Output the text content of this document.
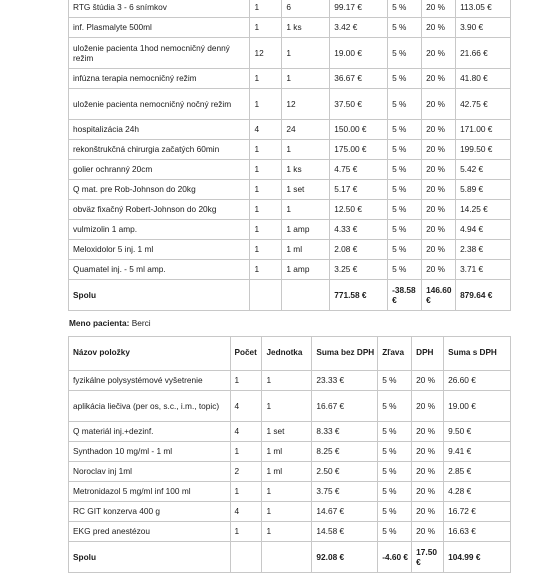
RTG štúdia 3 - 6 snímkov	1	6	99.17 €	5 %	20 %	113.05 €
inf. Plasmalyte 500ml	1	1 ks	3.42 €	5 %	20 %	3.90 €
uloženie pacienta 1hod nemocničný denný režim	12	1	19.00 €	5 %	20 %	21.66 €
infúzna terapia nemocničný režim	1	1	36.67 €	5 %	20 %	41.80 €
uloženie pacienta nemocničný nočný režim	1	12	37.50 €	5 %	20 %	42.75 €
hospitalizácia 24h	4	24	150.00 €	5 %	20 %	171.00 €
rekonštrukčná chirurgia začatých 60min	1	1	175.00 €	5 %	20 %	199.50 €
golier ochranný 20cm	1	1 ks	4.75 €	5 %	20 %	5.42 €
Q mat. pre Rob-Johnson do 20kg	1	1 set	5.17 €	5 %	20 %	5.89 €
obväz fixačný Robert-Johnson do 20kg	1	1	12.50 €	5 %	20 %	14.25 €
vulmizolin 1 amp.	1	1 amp	4.33 €	5 %	20 %	4.94 €
Meloxidolor 5 inj. 1 ml	1	1 ml	2.08 €	5 %	20 %	2.38 €
Quamatel inj. - 5 ml amp.	1	1 amp	3.25 €	5 %	20 %	3.71 €
Spolu			771.58 €	-38.58 €	146.60 €	879.64 €
Meno pacienta: Berci
Názov položky	Počet	Jednotka	Suma bez DPH	Zľava	DPH	Suma s DPH
fyzikálne polysystémové vyšetrenie	1	1	23.33 €	5 %	20 %	26.60 €
aplikácia liečiva (per os, s.c., i.m., topic)	4	1	16.67 €	5 %	20 %	19.00 €
Q materiál inj.+dezinf.	4	1 set	8.33 €	5 %	20 %	9.50 €
Synthadon 10 mg/ml - 1 ml	1	1 ml	8.25 €	5 %	20 %	9.41 €
Noroclav inj 1ml	2	1 ml	2.50 €	5 %	20 %	2.85 €
Metronidazol 5 mg/ml inf 100 ml	1	1	3.75 €	5 %	20 %	4.28 €
RC GIT konzerva 400 g	4	1	14.67 €	5 %	20 %	16.72 €
EKG pred anestézou	1	1	14.58 €	5 %	20 %	16.63 €
Spolu			92.08 €	-4.60 €	17.50 €	104.99 €
